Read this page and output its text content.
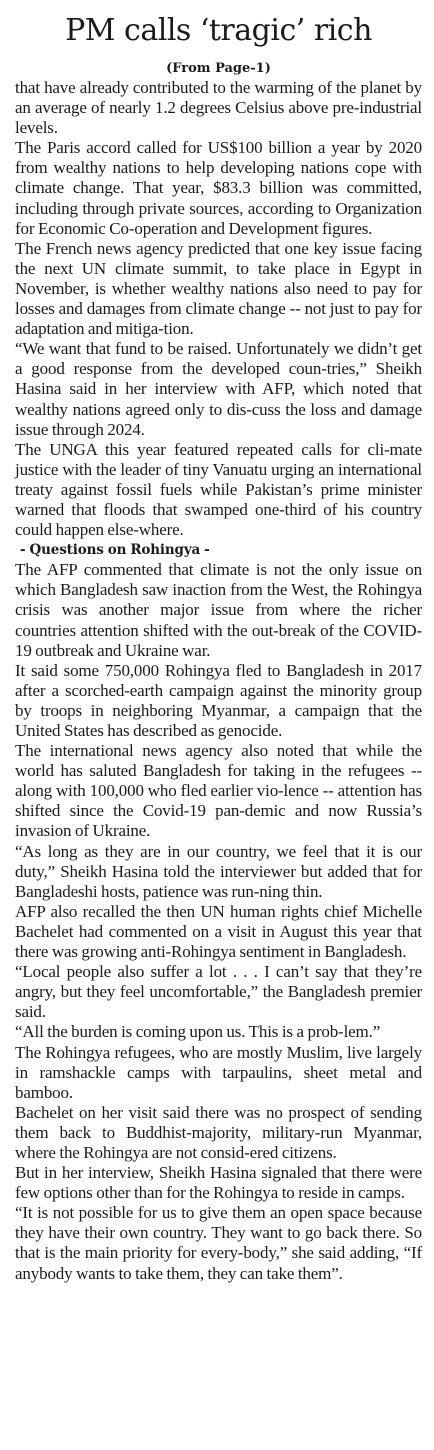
PM calls ‘tragic’ rich
(From Page-1)

that have already contributed to the warming of the planet by an average of nearly 1.2 degrees Celsius above pre-industrial levels.

The Paris accord called for US$100 billion a year by 2020 from wealthy nations to help developing nations cope with climate change. That year, $83.3 billion was committed, including through private sources, according to Organization for Economic Co-operation and Development figures.

The French news agency predicted that one key issue facing the next UN climate summit, to take place in Egypt in November, is whether wealthy nations also need to pay for losses and damages from climate change -- not just to pay for adaptation and mitiga-tion.

“We want that fund to be raised. Unfortunately we didn’t get a good response from the developed coun-tries,” Sheikh Hasina said in her interview with AFP, which noted that wealthy nations agreed only to dis-cuss the loss and damage issue through 2024.

The UNGA this year featured repeated calls for cli-mate justice with the leader of tiny Vanuatu urging an international treaty against fossil fuels while Pakistan’s prime minister warned that floods that swamped one-third of his country could happen else-where.

- Questions on Rohingya -

The AFP commented that climate is not the only issue on which Bangladesh saw inaction from the West, the Rohingya crisis was another major issue from where the richer countries attention shifted with the out-break of the COVID-19 outbreak and Ukraine war.

It said some 750,000 Rohingya fled to Bangladesh in 2017 after a scorched-earth campaign against the minority group by troops in neighboring Myanmar, a campaign that the United States has described as genocide.

The international news agency also noted that while the world has saluted Bangladesh for taking in the refugees -- along with 100,000 who fled earlier vio-lence -- attention has shifted since the Covid-19 pan-demic and now Russia’s invasion of Ukraine.

“As long as they are in our country, we feel that it is our duty,” Sheikh Hasina told the interviewer but added that for Bangladeshi hosts, patience was run-ning thin.

AFP also recalled the then UN human rights chief Michelle Bachelet had commented on a visit in August this year that there was growing anti-Rohingya sentiment in Bangladesh.

“Local people also suffer a lot . . . I can’t say that they’re angry, but they feel uncomfortable,” the Bangladesh premier said.

“All the burden is coming upon us. This is a prob-lem.”

The Rohingya refugees, who are mostly Muslim, live largely in ramshackle camps with tarpaulins, sheet metal and bamboo.

Bachelet on her visit said there was no prospect of sending them back to Buddhist-majority, military-run Myanmar, where the Rohingya are not consid-ered citizens.

But in her interview, Sheikh Hasina signaled that there were few options other than for the Rohingya to reside in camps.

“It is not possible for us to give them an open space because they have their own country. They want to go back there. So that is the main priority for every-body,” she said adding, “If anybody wants to take them, they can take them”.
